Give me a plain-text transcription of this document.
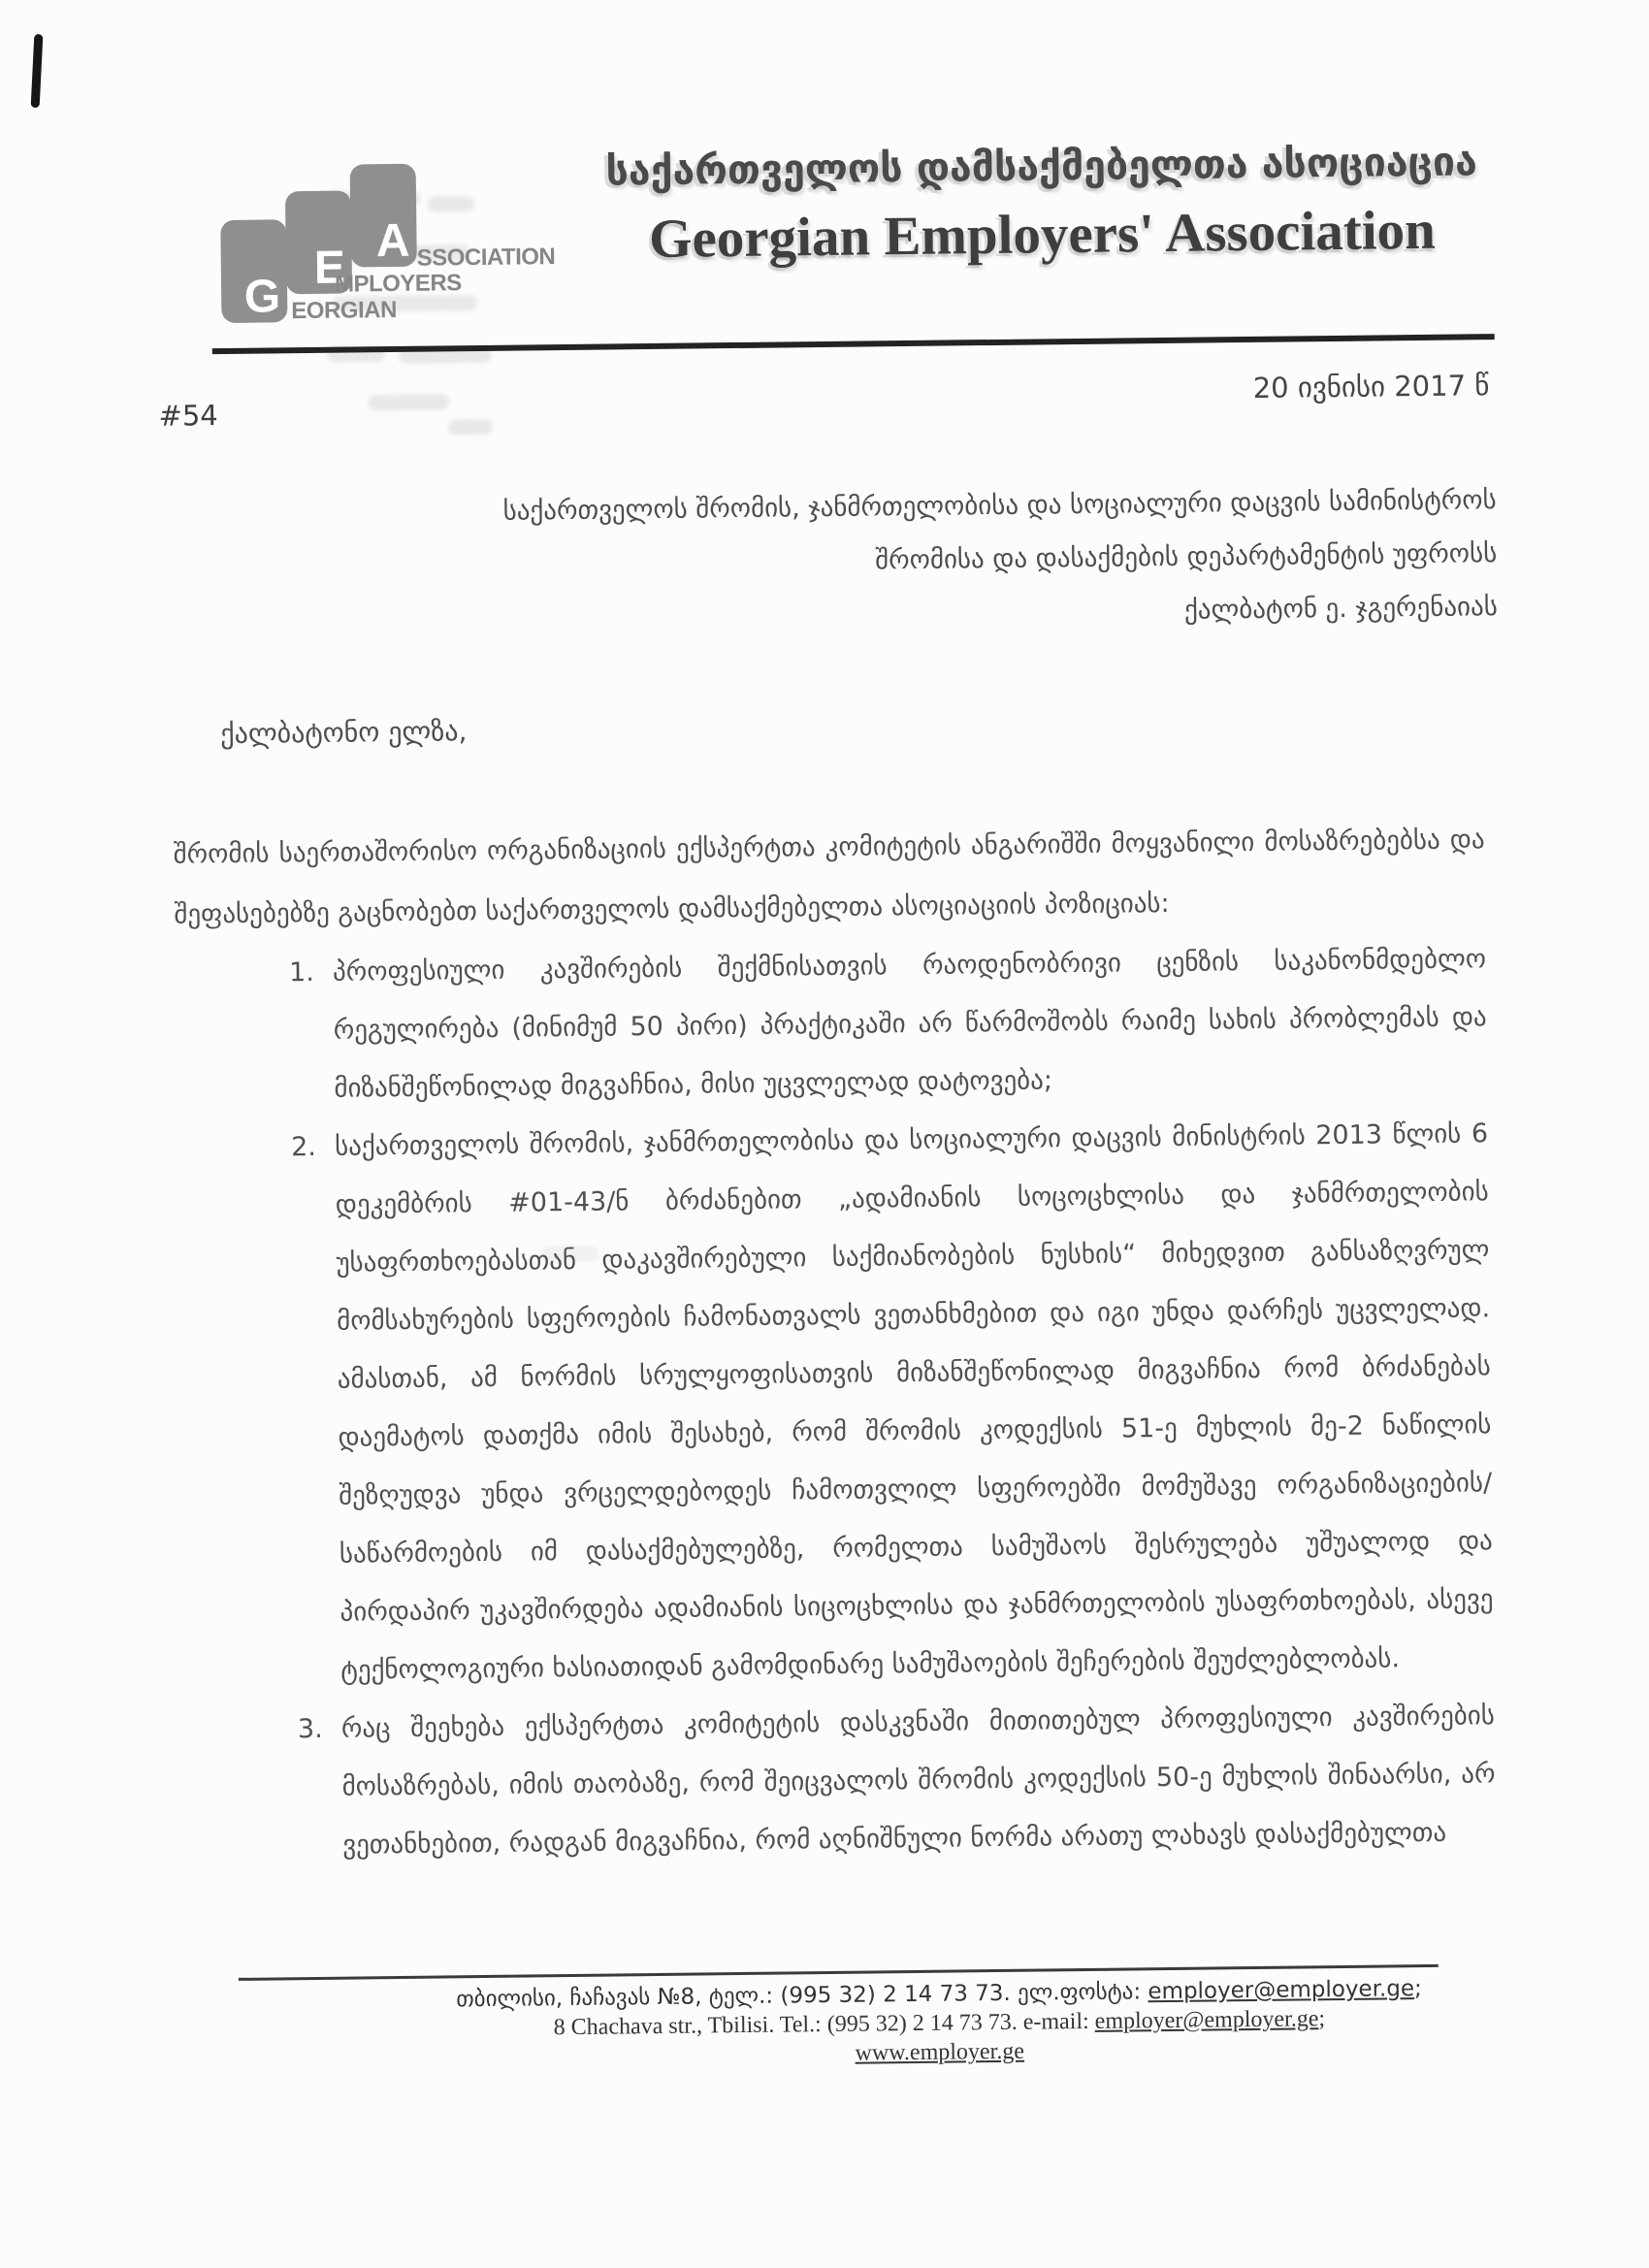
G
E
A
EORGIAN
MPLOYERS
SSOCIATION
საქართველოს დამსაქმებელთა ასოციაცია
Georgian Employers' Association
#54
20 ივნისი 2017 წ
საქართველოს შრომის, ჯანმრთელობისა და სოციალური დაცვის სამინისტროს
შრომისა და დასაქმების დეპარტამენტის უფროსს
ქალბატონ ე. ჯგერენაიას
ქალბატონო ელზა,

შრომის საერთაშორისო ორგანიზაციის ექსპერტთა კომიტეტის ანგარიშში მოყვანილი მოსაზრებებსა და შეფასებებზე გაცნობებთ საქართველოს დამსაქმებელთა ასოციაციის პოზიციას:

1. პროფესიული კავშირების შექმნისათვის რაოდენობრივი ცენზის საკანონმდებლო რეგულირება (მინიმუმ 50 პირი) პრაქტიკაში არ წარმოშობს რაიმე სახის პრობლემას და მიზანშეწონილად მიგვაჩნია, მისი უცვლელად დატოვება;
2. საქართველოს შრომის, ჯანმრთელობისა და სოციალური დაცვის მინისტრის 2013 წლის 6 დეკემბრის #01-43/ნ ბრძანებით „ადამიანის სოცოცხლისა და ჯანმრთელობის უსაფრთხოებასთან დაკავშირებული საქმიანობების ნუსხის“ მიხედვით განსაზღვრულ მომსახურების სფეროების ჩამონათვალს ვეთანხმებით და იგი უნდა დარჩეს უცვლელად. ამასთან, ამ ნორმის სრულყოფისათვის მიზანშეწონილად მიგვაჩნია რომ ბრძანებას დაემატოს დათქმა იმის შესახებ, რომ შრომის კოდექსის 51-ე მუხლის მე-2 ნაწილის შეზღუდვა უნდა ვრცელდებოდეს ჩამოთვლილ სფეროებში მომუშავე ორგანიზაციების/საწარმოების იმ დასაქმებულებზე, რომელთა სამუშაოს შესრულება უშუალოდ და პირდაპირ უკავშირდება ადამიანის სიცოცხლისა და ჯანმრთელობის უსაფრთხოებას, ასევე ტექნოლოგიური ხასიათიდან გამომდინარე სამუშაოების შეჩერების შეუძლებლობას.
3. რაც შეეხება ექსპერტთა კომიტეტის დასკვნაში მითითებულ პროფესიული კავშირების მოსაზრებას, იმის თაობაზე, რომ შეიცვალოს შრომის კოდექსის 50-ე მუხლის შინაარსი, არ ვეთანხებით, რადგან მიგვაჩნია, რომ აღნიშნული ნორმა არათუ ლახავს დასაქმებულთა
თბილისი, ჩაჩავას №8, ტელ.: (995 32) 2 14 73 73. ელ.ფოსტა: employer@employer.ge;
8 Chachava str., Tbilisi. Tel.: (995 32) 2 14 73 73. e-mail: employer@employer.ge;
www.employer.ge
